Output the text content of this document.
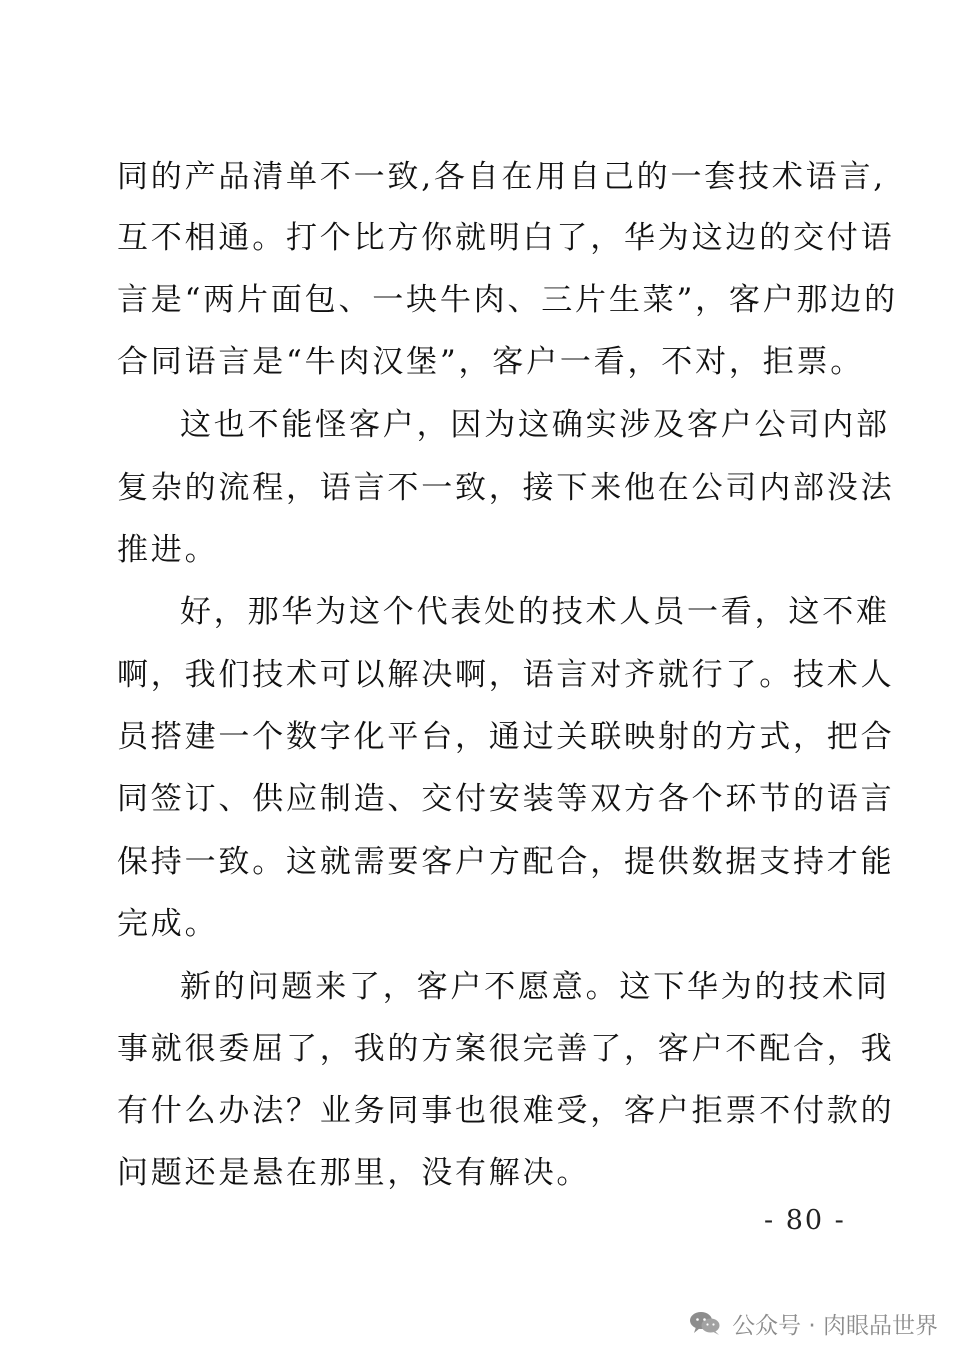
同的产品清单不一致,各自在用自己的一套技术语言,
互不相通。打个比方你就明白了，华为这边的交付语
言是“两片面包、一块牛肉、三片生菜”，客户那边的
合同语言是“牛肉汉堡”，客户一看，不对，拒票。
这也不能怪客户，因为这确实涉及客户公司内部
复杂的流程，语言不一致，接下来他在公司内部没法
推进。
好，那华为这个代表处的技术人员一看，这不难
啊，我们技术可以解决啊，语言对齐就行了。技术人
员搭建一个数字化平台，通过关联映射的方式，把合
同签订、供应制造、交付安装等双方各个环节的语言
保持一致。这就需要客户方配合，提供数据支持才能
完成。
新的问题来了，客户不愿意。这下华为的技术同
事就很委屈了，我的方案很完善了，客户不配合，我
有什么办法？业务同事也很难受，客户拒票不付款的
问题还是悬在那里，没有解决。
- 80 -
公众号 · 肉眼品世界
